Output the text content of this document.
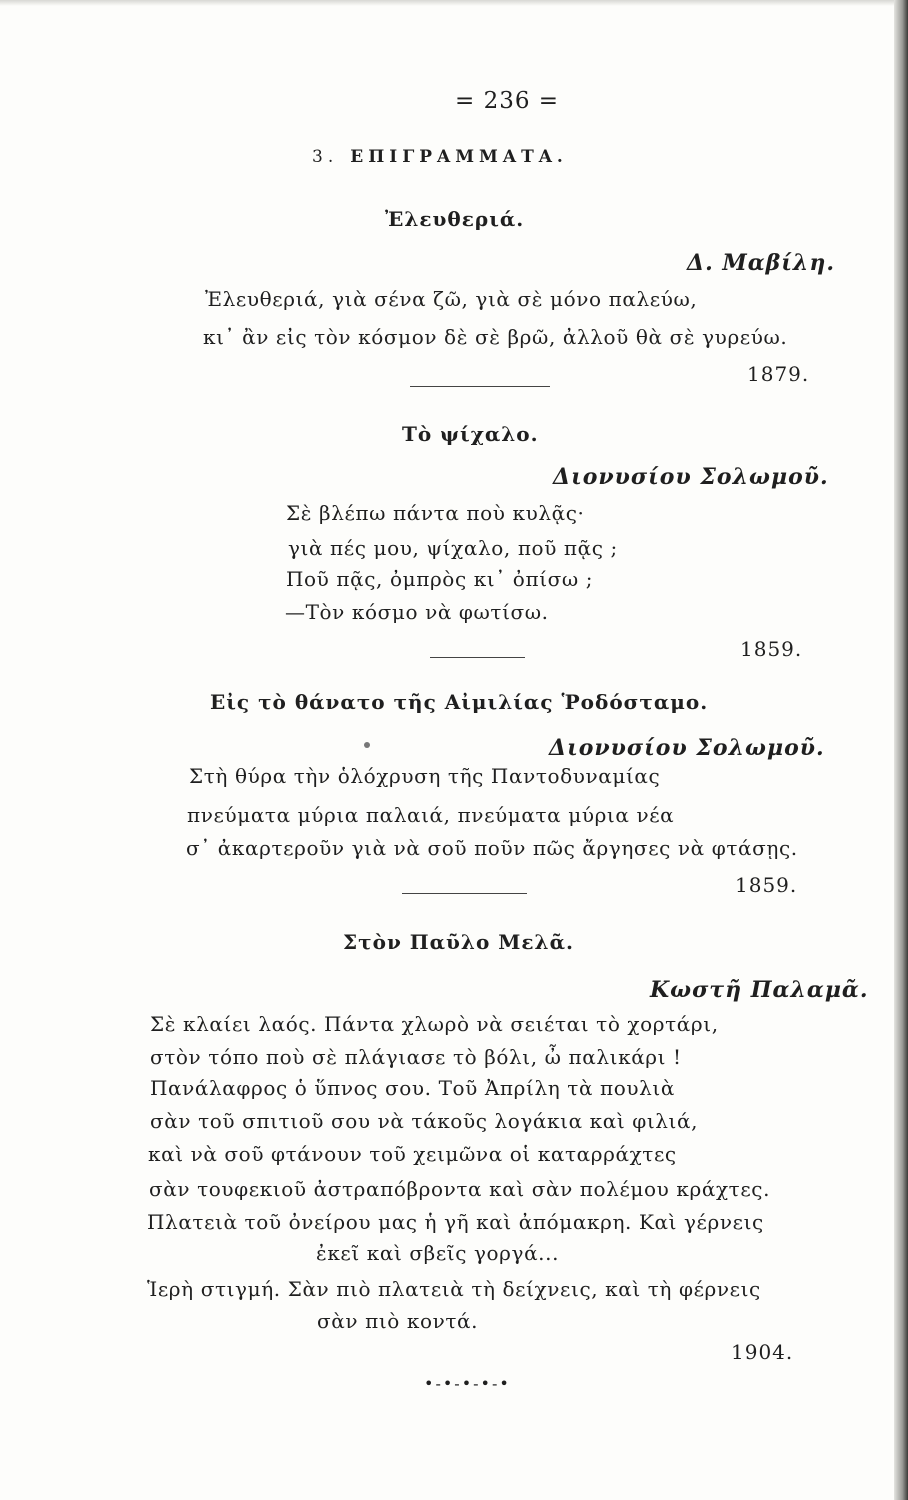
= 236 =
3. ΕΠΙΓΡΑΜΜΑΤΑ.
Ἐλευθεριά.
Δ. Μαβίλη.
Ἐλευθεριά, γιὰ σένα ζῶ, γιὰ σὲ μόνο παλεύω,
κι᾽ ἂν εἰς τὸν κόσμον δὲ σὲ βρῶ, ἀλλοῦ θὰ σὲ γυρεύω.
1879.
Τὸ ψίχαλο.
Διονυσίου Σολωμοῦ.
Σὲ βλέπω πάντα ποὺ κυλᾷς·
γιὰ πές μου, ψίχαλο, ποῦ πᾷς ;
Ποῦ πᾷς, ὀμπρὸς κι᾽ ὀπίσω ;
—Τὸν κόσμο νὰ φωτίσω.
1859.
Εἰς τὸ θάνατο τῆς Αἰμιλίας Ῥοδόσταμο.
Διονυσίου Σολωμοῦ.
Στὴ θύρα τὴν ὁλόχρυση τῆς Παντοδυναμίας
πνεύματα μύρια παλαιά, πνεύματα μύρια νέα
σ᾽ ἀκαρτεροῦν γιὰ νὰ σοῦ ποῦν πῶς ἄργησες νὰ φτάσῃς.
1859.
Στὸν Παῦλο Μελᾶ.
Κωστῆ Παλαμᾶ.
Σὲ κλαίει λαός. Πάντα χλωρὸ νὰ σειέται τὸ χορτάρι,
στὸν τόπο ποὺ σὲ πλάγιασε τὸ βόλι, ὦ παλικάρι !
Πανάλαφρος ὁ ὕπνος σου. Τοῦ Ἀπρίλη τὰ πουλιὰ
σὰν τοῦ σπιτιοῦ σου νὰ τάκοῦς λογάκια καὶ φιλιά,
καὶ νὰ σοῦ φτάνουν τοῦ χειμῶνα οἱ καταρράχτες
σὰν τουφεκιοῦ ἀστραπόβροντα καὶ σὰν πολέμου κράχτες.
Πλατειὰ τοῦ ὀνείρου μας ἡ γῆ καὶ ἀπόμακρη. Καὶ γέρνεις
ἐκεῖ καὶ σβεῖς γοργά...
Ἱερὴ στιγμή. Σὰν πιὸ πλατειὰ τὴ δείχνεις, καὶ τὴ φέρνεις
σὰν πιὸ κοντά.
1904.
•-•-•-•-•
